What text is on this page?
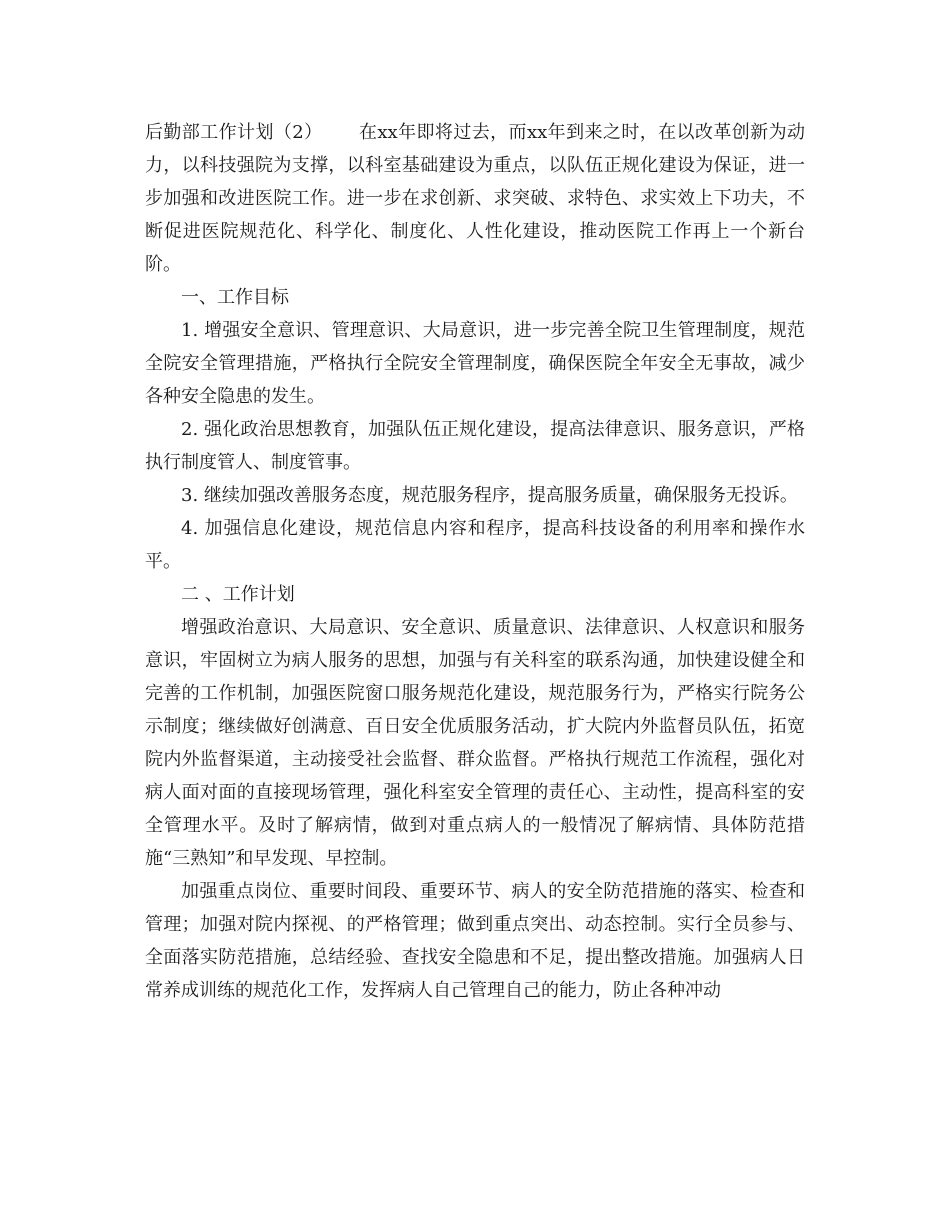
后勤部工作计划（2） 在xx年即将过去，而xx年到来之时，在以改革创新为动力，以科技强院为支撑，以科室基础建设为重点，以队伍正规化建设为保证，进一步加强和改进医院工作。进一步在求创新、求突破、求特色、求实效上下功夫，不断促进医院规范化、科学化、制度化、人性化建设，推动医院工作再上一个新台阶。

一、工作目标

1. 增强安全意识、管理意识、大局意识，进一步完善全院卫生管理制度，规范全院安全管理措施，严格执行全院安全管理制度，确保医院全年安全无事故，减少各种安全隐患的发生。

2. 强化政治思想教育，加强队伍正规化建设，提高法律意识、服务意识，严格执行制度管人、制度管事。

3. 继续加强改善服务态度，规范服务程序，提高服务质量，确保服务无投诉。

4. 加强信息化建设，规范信息内容和程序，提高科技设备的利用率和操作水平。

二 、工作计划

增强政治意识、大局意识、安全意识、质量意识、法律意识、人权意识和服务意识，牢固树立为病人服务的思想，加强与有关科室的联系沟通，加快建设健全和完善的工作机制，加强医院窗口服务规范化建设，规范服务行为，严格实行院务公示制度；继续做好创满意、百日安全优质服务活动，扩大院内外监督员队伍，拓宽院内外监督渠道，主动接受社会监督、群众监督。严格执行规范工作流程，强化对病人面对面的直接现场管理，强化科室安全管理的责任心、主动性，提高科室的安全管理水平。及时了解病情，做到对重点病人的一般情况了解病情、具体防范措施“三熟知”和早发现、早控制。

加强重点岗位、重要时间段、重要环节、病人的安全防范措施的落实、检查和管理；加强对院内探视、的严格管理；做到重点突出、动态控制。实行全员参与、全面落实防范措施，总结经验、查找安全隐患和不足，提出整改措施。加强病人日常养成训练的规范化工作，发挥病人自己管理自己的能力，防止各种冲动
